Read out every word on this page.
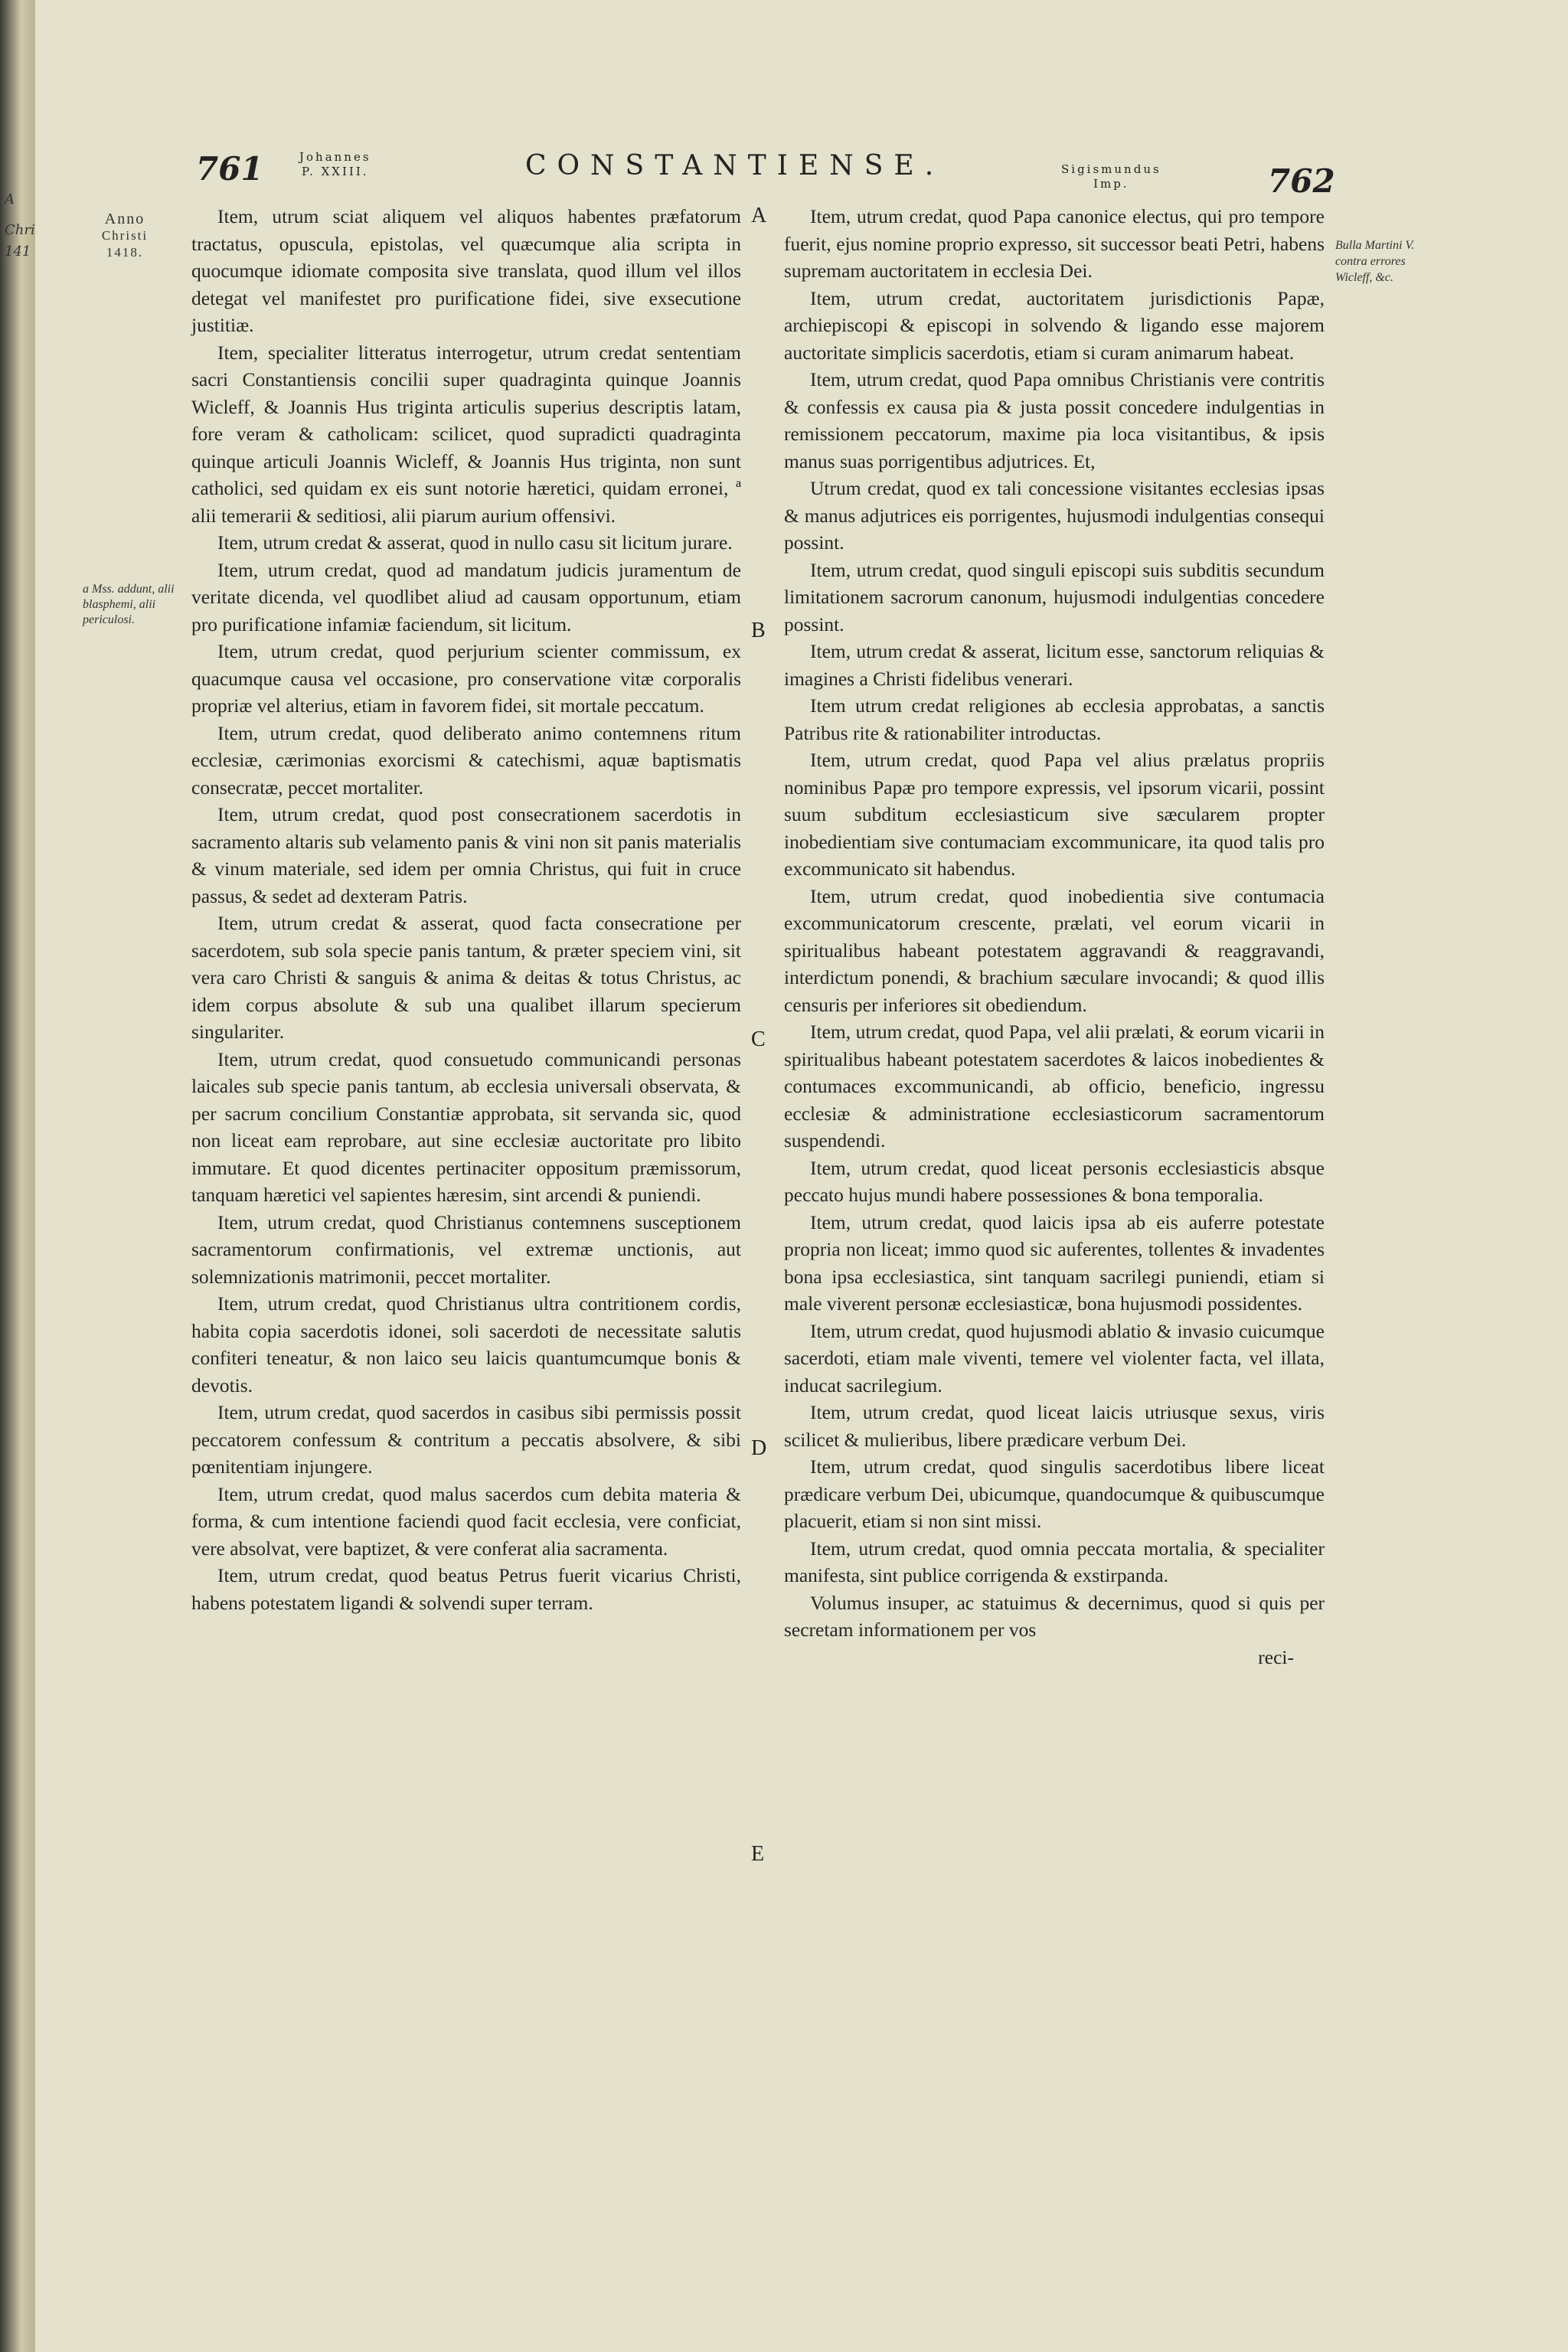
A
Chri
141
761	Johannes
P. XXIII.	CONSTANTIENSE.	Sigismundus
Imp.	762
Anno
Christi
1418.
a Mss. addunt, alii blasphemi, alii periculosi.
Bulla Martini V. contra errores Wicleff, &c.
A
B
C
D
E

Item, utrum sciat aliquem vel aliquos habentes præfatorum tractatus, opuscula, epistolas, vel quæcumque alia scripta in quocumque idiomate composita sive translata, quod illum vel illos detegat vel manifestet pro purificatione fidei, sive exsecutione justitiæ.

Item, specialiter litteratus interrogetur, utrum credat sententiam sacri Constantiensis concilii super quadraginta quinque Joannis Wicleff, & Joannis Hus triginta articulis superius descriptis latam, fore veram & catholicam: scilicet, quod supradicti quadraginta quinque articuli Joannis Wicleff, & Joannis Hus triginta, non sunt catholici, sed quidam ex eis sunt notorie hæretici, quidam erronei, ª alii temerarii & seditiosi, alii piarum aurium offensivi.

Item, utrum credat & asserat, quod in nullo casu sit licitum jurare.

Item, utrum credat, quod ad mandatum judicis juramentum de veritate dicenda, vel quodlibet aliud ad causam opportunum, etiam pro purificatione infamiæ faciendum, sit licitum.

Item, utrum credat, quod perjurium scienter commissum, ex quacumque causa vel occasione, pro conservatione vitæ corporalis propriæ vel alterius, etiam in favorem fidei, sit mortale peccatum.

Item, utrum credat, quod deliberato animo contemnens ritum ecclesiæ, cærimonias exorcismi & catechismi, aquæ baptismatis consecratæ, peccet mortaliter.

Item, utrum credat, quod post consecrationem sacerdotis in sacramento altaris sub velamento panis & vini non sit panis materialis & vinum materiale, sed idem per omnia Christus, qui fuit in cruce passus, & sedet ad dexteram Patris.

Item, utrum credat & asserat, quod facta consecratione per sacerdotem, sub sola specie panis tantum, & præter speciem vini, sit vera caro Christi & sanguis & anima & deitas & totus Christus, ac idem corpus absolute & sub una qualibet illarum specierum singulariter.

Item, utrum credat, quod consuetudo communicandi personas laicales sub specie panis tantum, ab ecclesia universali observata, & per sacrum concilium Constantiæ approbata, sit servanda sic, quod non liceat eam reprobare, aut sine ecclesiæ auctoritate pro libito immutare. Et quod dicentes pertinaciter oppositum præmissorum, tanquam hæretici vel sapientes hæresim, sint arcendi & puniendi.

Item, utrum credat, quod Christianus contemnens susceptionem sacramentorum confirmationis, vel extremæ unctionis, aut solemnizationis matrimonii, peccet mortaliter.

Item, utrum credat, quod Christianus ultra contritionem cordis, habita copia sacerdotis idonei, soli sacerdoti de necessitate salutis confiteri teneatur, & non laico seu laicis quantumcumque bonis & devotis.

Item, utrum credat, quod sacerdos in casibus sibi permissis possit peccatorem confessum & contritum a peccatis absolvere, & sibi pœnitentiam injungere.

Item, utrum credat, quod malus sacerdos cum debita materia & forma, & cum intentione faciendi quod facit ecclesia, vere conficiat, vere absolvat, vere baptizet, & vere conferat alia sacramenta.

Item, utrum credat, quod beatus Petrus fuerit vicarius Christi, habens potestatem ligandi & solvendi super terram.

Item, utrum credat, quod Papa canonice electus, qui pro tempore fuerit, ejus nomine proprio expresso, sit successor beati Petri, habens supremam auctoritatem in ecclesia Dei.

Item, utrum credat, auctoritatem jurisdictionis Papæ, archiepiscopi & episcopi in solvendo & ligando esse majorem auctoritate simplicis sacerdotis, etiam si curam animarum habeat.

Item, utrum credat, quod Papa omnibus Christianis vere contritis & confessis ex causa pia & justa possit concedere indulgentias in remissionem peccatorum, maxime pia loca visitantibus, & ipsis manus suas porrigentibus adjutrices. Et,

Utrum credat, quod ex tali concessione visitantes ecclesias ipsas & manus adjutrices eis porrigentes, hujusmodi indulgentias consequi possint.

Item, utrum credat, quod singuli episcopi suis subditis secundum limitationem sacrorum canonum, hujusmodi indulgentias concedere possint.

Item, utrum credat & asserat, licitum esse, sanctorum reliquias & imagines a Christi fidelibus venerari.

Item utrum credat religiones ab ecclesia approbatas, a sanctis Patribus rite & rationabiliter introductas.

Item, utrum credat, quod Papa vel alius prælatus propriis nominibus Papæ pro tempore expressis, vel ipsorum vicarii, possint suum subditum ecclesiasticum sive sæcularem propter inobedientiam sive contumaciam excommunicare, ita quod talis pro excommunicato sit habendus.

Item, utrum credat, quod inobedientia sive contumacia excommunicatorum crescente, prælati, vel eorum vicarii in spiritualibus habeant potestatem aggravandi & reaggravandi, interdictum ponendi, & brachium sæculare invocandi; & quod illis censuris per inferiores sit obediendum.

Item, utrum credat, quod Papa, vel alii prælati, & eorum vicarii in spiritualibus habeant potestatem sacerdotes & laicos inobedientes & contumaces excommunicandi, ab officio, beneficio, ingressu ecclesiæ & administratione ecclesiasticorum sacramentorum suspendendi.

Item, utrum credat, quod liceat personis ecclesiasticis absque peccato hujus mundi habere possessiones & bona temporalia.

Item, utrum credat, quod laicis ipsa ab eis auferre potestate propria non liceat; immo quod sic auferentes, tollentes & invadentes bona ipsa ecclesiastica, sint tanquam sacrilegi puniendi, etiam si male viverent personæ ecclesiasticæ, bona hujusmodi possidentes.

Item, utrum credat, quod hujusmodi ablatio & invasio cuicumque sacerdoti, etiam male viventi, temere vel violenter facta, vel illata, inducat sacrilegium.

Item, utrum credat, quod liceat laicis utriusque sexus, viris scilicet & mulieribus, libere prædicare verbum Dei.

Item, utrum credat, quod singulis sacerdotibus libere liceat prædicare verbum Dei, ubicumque, quandocumque & quibuscumque placuerit, etiam si non sint missi.

Item, utrum credat, quod omnia peccata mortalia, & specialiter manifesta, sint publice corrigenda & exstirpanda.

Volumus insuper, ac statuimus & decernimus, quod si quis per secretam informationem per vos

reci-
